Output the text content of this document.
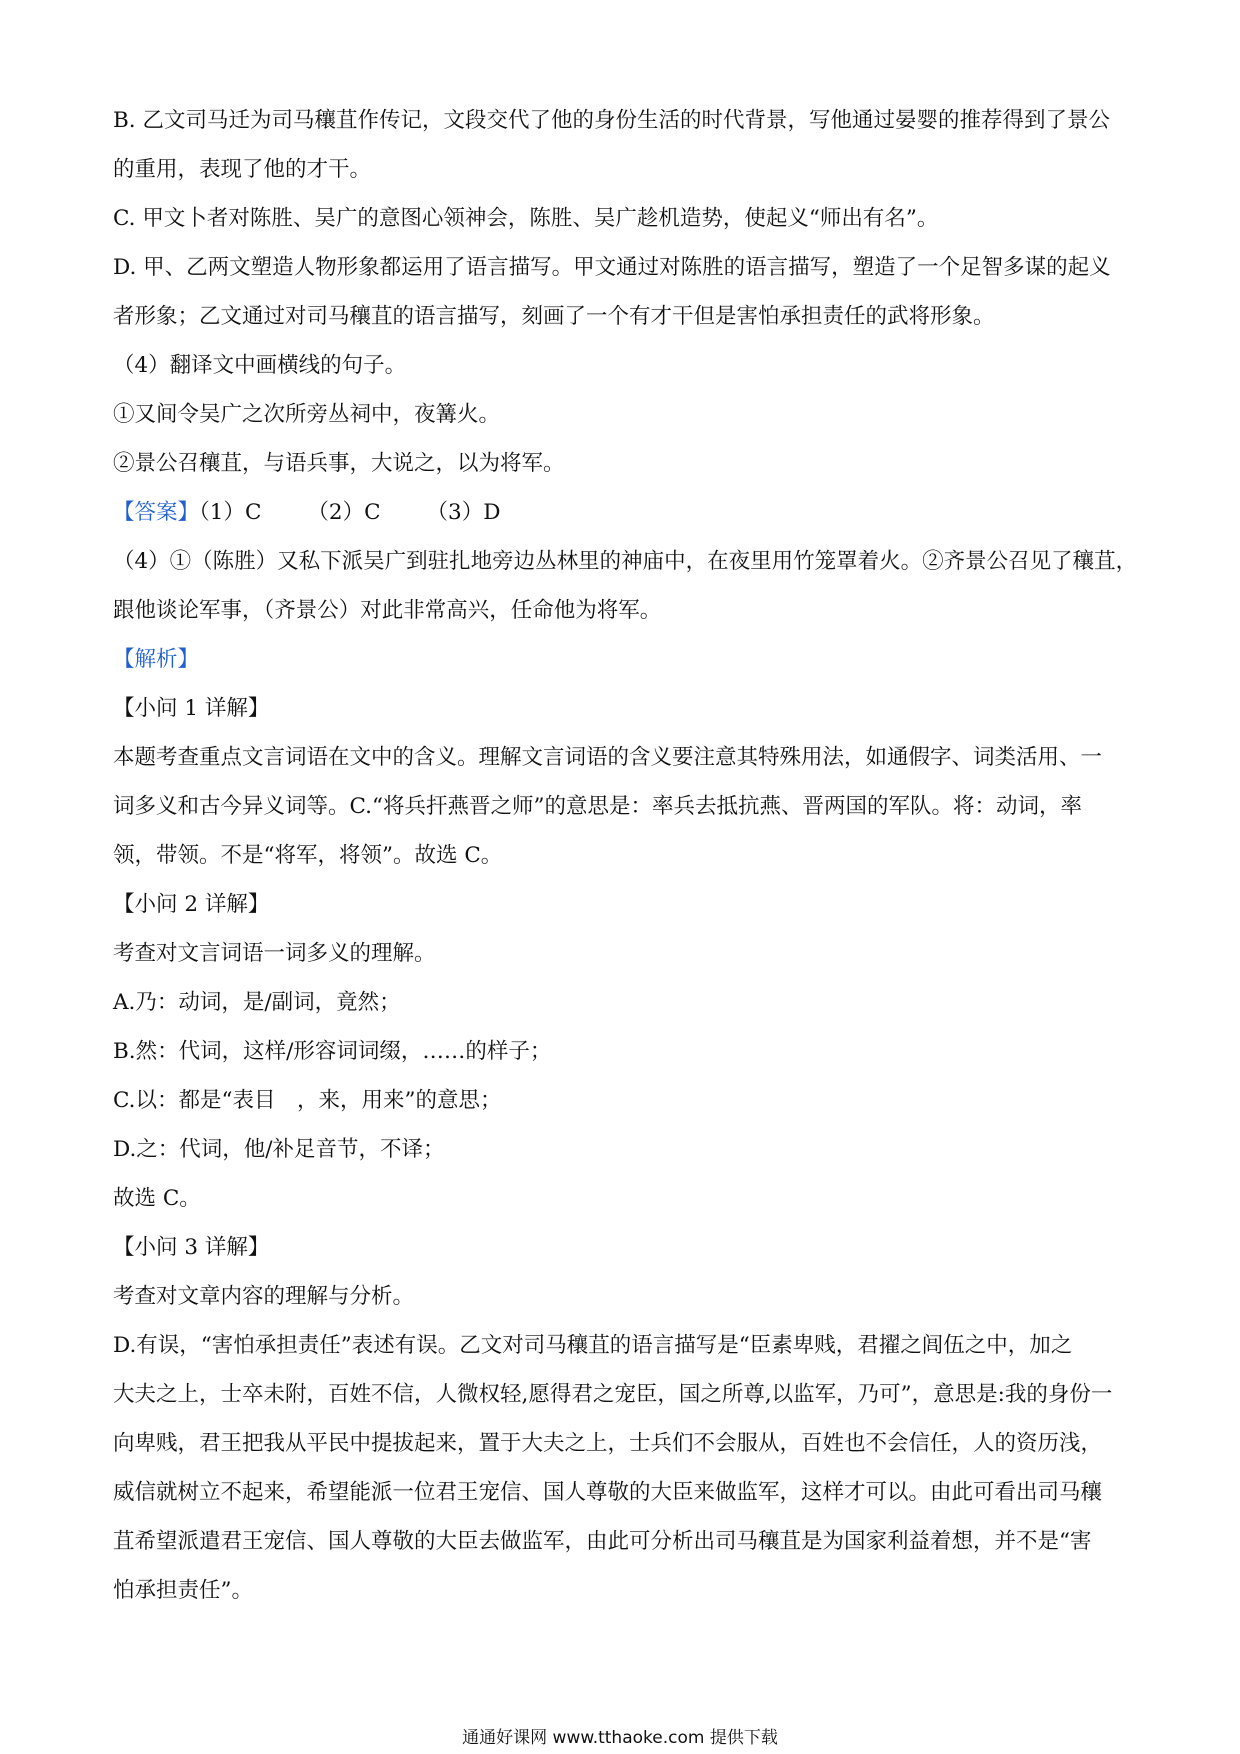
B. 乙文司马迁为司马穰苴作传记，文段交代了他的身份生活的时代背景，写他通过晏婴的推荐得到了景公
的重用，表现了他的才干。
C. 甲文卜者对陈胜、吴广的意图心领神会，陈胜、吴广趁机造势，使起义“师出有名”。
D. 甲、乙两文塑造人物形象都运用了语言描写。甲文通过对陈胜的语言描写，塑造了一个足智多谋的起义
者形象；乙文通过对司马穰苴的语言描写，刻画了一个有才干但是害怕承担责任的武将形象。
（4）翻译文中画横线的句子。
①又间令吴广之次所旁丛祠中，夜篝火。
②景公召穰苴，与语兵事，大说之，以为将军。
【答案】（1）C （2）C （3）D
（4）①（陈胜）又私下派吴广到驻扎地旁边丛林里的神庙中，在夜里用竹笼罩着火。②齐景公召见了穰苴，
跟他谈论军事，（齐景公）对此非常高兴，任命他为将军。
【解析】
【小问 1 详解】
本题考查重点文言词语在文中的含义。理解文言词语的含义要注意其特殊用法，如通假字、词类活用、一
词多义和古今异义词等。C.“将兵扞燕晋之师”的意思是：率兵去抵抗燕、晋两国的军队。将：动词，率
领，带领。不是“将军，将领”。故选 C。
【小问 2 详解】
考查对文言词语一词多义的理解。
A.乃：动词，是/副词，竟然；
B.然：代词，这样/形容词词缀，……的样子；
C.以：都是“表目　，来，用来”的意思；
D.之：代词，他/补足音节，不译；
故选 C。
【小问 3 详解】
考查对文章内容的理解与分析。
D.有误，“害怕承担责任”表述有误。乙文对司马穰苴的语言描写是“臣素卑贱，君擢之闾伍之中，加之
大夫之上，士卒未附，百姓不信，人微权轻,愿得君之宠臣，国之所尊,以监军，乃可”，意思是:我的身份一
向卑贱，君王把我从平民中提拔起来，置于大夫之上，士兵们不会服从，百姓也不会信任，人的资历浅，
威信就树立不起来，希望能派一位君王宠信、国人尊敬的大臣来做监军，这样才可以。由此可看出司马穰
苴希望派遣君王宠信、国人尊敬的大臣去做监军，由此可分析出司马穰苴是为国家利益着想，并不是“害
怕承担责任”。
通通好课网 www.tthaoke.com 提供下载
